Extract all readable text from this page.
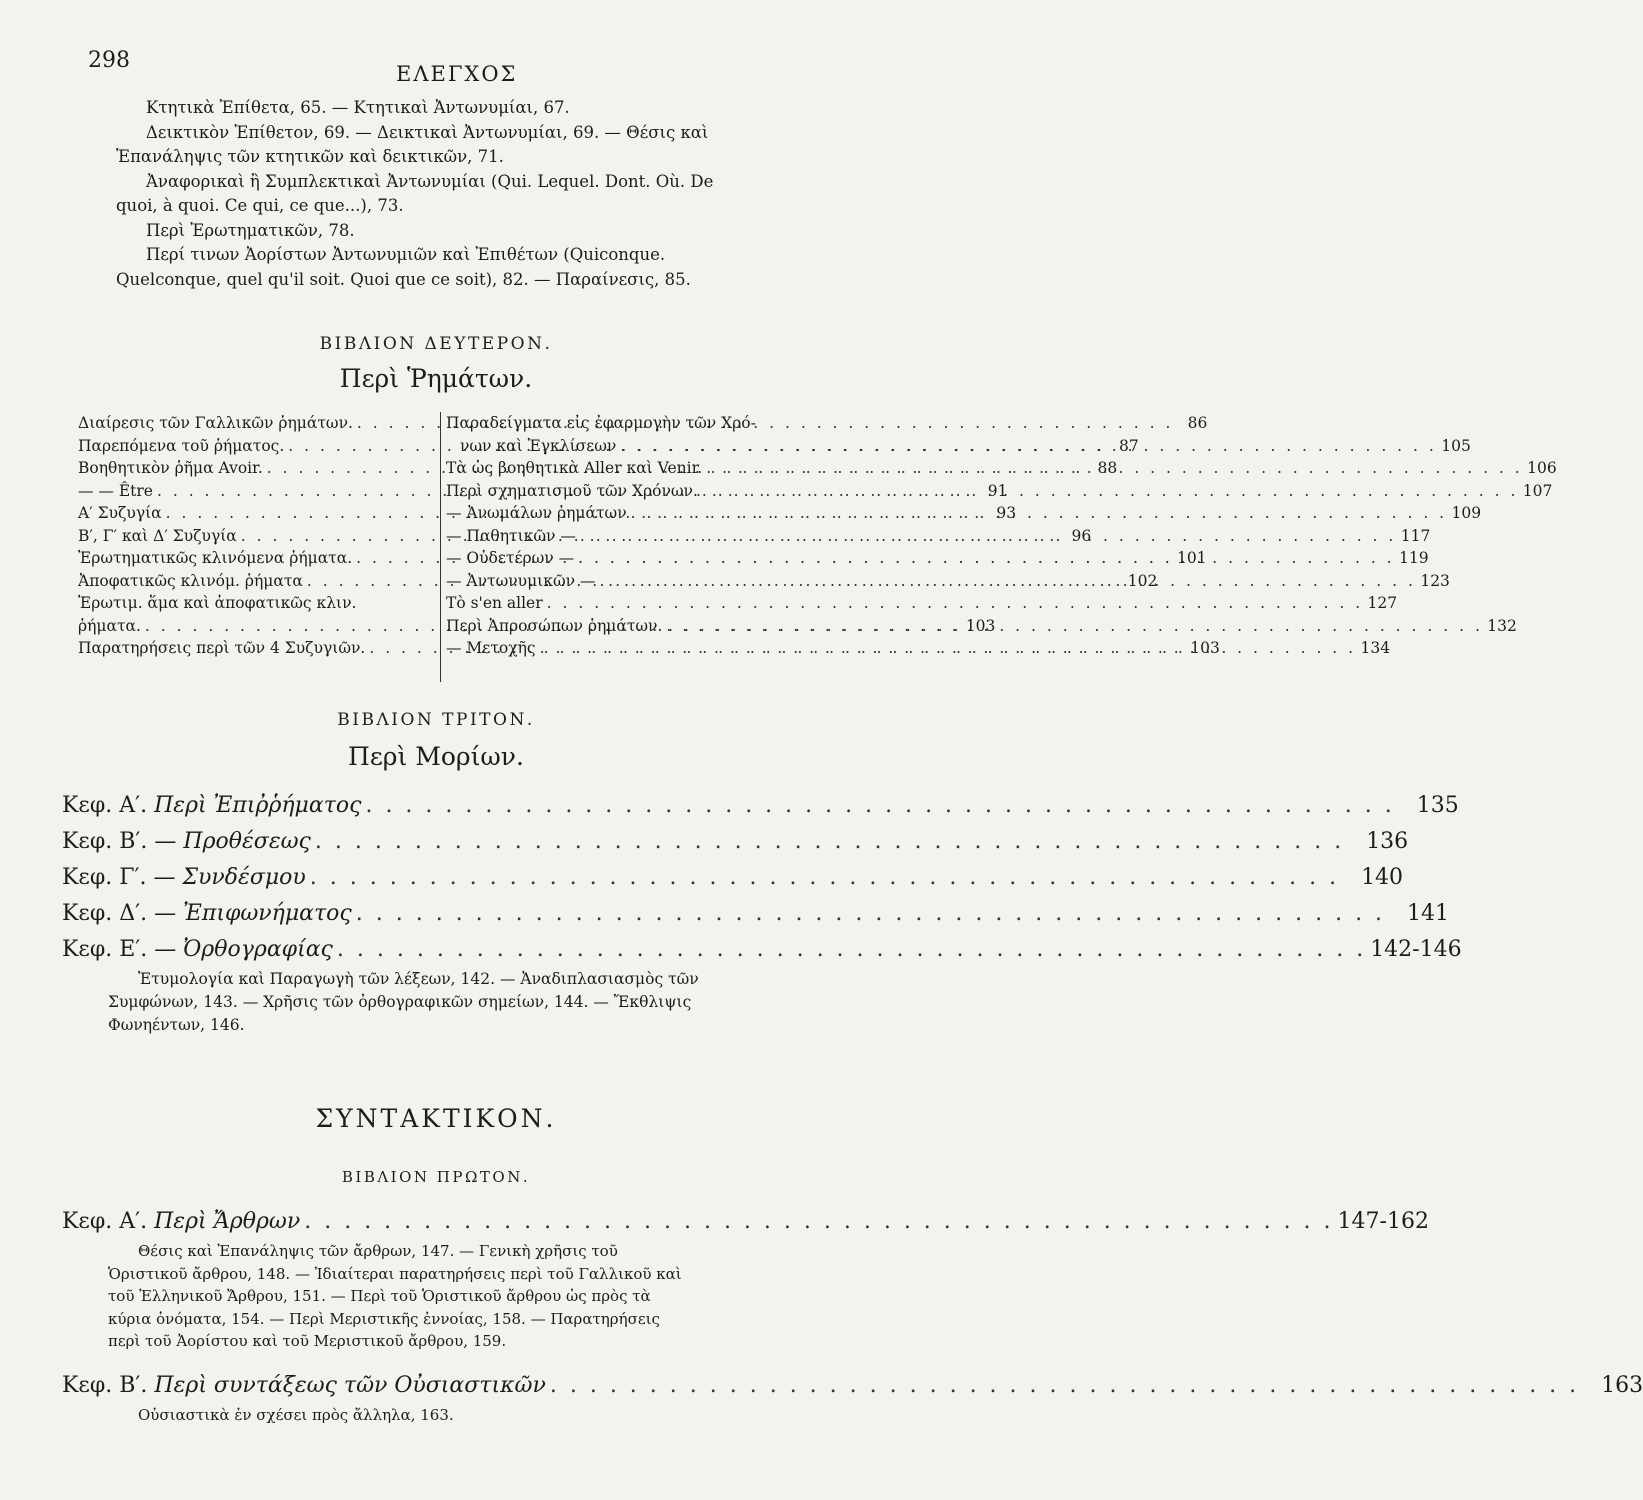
298
ΕΛΕΓΧΟΣ

Κτητικὰ Ἐπίθετα, 65. — Κτητικαὶ Ἀντωνυμίαι, 67.

Δεικτικὸν Ἐπίθετον, 69. — Δεικτικαὶ Ἀντωνυμίαι, 69. — Θέσις καὶ Ἐπανάληψις τῶν κτητικῶν καὶ δεικτικῶν, 71.

Ἀναφορικαὶ ἢ Συμπλεκτικαὶ Ἀντωνυμίαι (Qui. Lequel. Dont. Où. De quoi, à quoi. Ce qui, ce que...), 73.

Περὶ Ἐρωτηματικῶν, 78.

Περί τινων Ἀορίστων Ἀντωνυμιῶν καὶ Ἐπιθέτων (Quiconque. Quelconque, quel qu'il soit. Quoi que ce soit), 82. — Παραίνεσις, 85.

ΒΙΒΛΙΟΝ ΔΕΥΤΕΡΟΝ.
Περὶ Ῥημάτων.
Διαίρεσις τῶν Γαλλικῶν ῥημάτων. . . .	86
Παρεπόμενα τοῦ ῥήματος. . . .	87
Βοηθητικὸν ῥῆμα Avoir. . . .	88
— — Être . . .	91
Α′ Συζυγία . . .	93
Β′, Γ′ καὶ Δ′ Συζυγία . . .	96
Ἐρωτηματικῶς κλινόμενα ῥήματα. . . .	101
Ἀποφατικῶς κλινόμ. ῥήματα . . .	102
Ἐρωτιμ. ἅμα καὶ ἀποφατικῶς κλιν.
ῥήματα. . . .	103
Παρατηρήσεις περὶ τῶν 4 Συζυγιῶν. . . .	103
Παραδείγματα εἰς ἐφαρμογὴν τῶν Χρό-
νων καὶ Ἐγκλίσεων . . .	105
Τὰ ὡς βοηθητικὰ Aller καὶ Venir. . . .	106
Περὶ σχηματισμοῦ τῶν Χρόνων. . . .	107
— Ἀνωμάλων ῥημάτων . . .	109
— Παθητικῶν — . . .	117
— Οὐδετέρων — . . .	119
— Ἀντωνυμικῶν — . . .	123
Τὸ s'en aller . . .	127
Περὶ Ἀπροσώπων ῥημάτων. . . .	132
— Μετοχῆς . . .	134
ΒΙΒΛΙΟΝ ΤΡΙΤΟΝ.
Περὶ Μορίων.
Κεφ. Α′. Περὶ Ἐπιῤῥήματος . . .	135
Κεφ. Β′. — Προθέσεως . . .	136
Κεφ. Γ′. — Συνδέσμου . . .	140
Κεφ. Δ′. — Ἐπιφωνήματος . . .	141
Κεφ. Ε′. — Ὀρθογραφίας . . .	142-146
Ἐτυμολογία καὶ Παραγωγὴ τῶν λέξεων, 142. — Ἀναδιπλασιασμὸς τῶν Συμφώνων, 143. — Χρῆσις τῶν ὀρθογραφικῶν σημείων, 144. — Ἔκθλιψις Φωνηέντων, 146.
ΣΥΝΤΑΚΤΙΚΟΝ.
ΒΙΒΛΙΟΝ ΠΡΩΤΟΝ.
Κεφ. Α′. Περὶ Ἄρθρων . . .	147-162
Θέσις καὶ Ἐπανάληψις τῶν ἄρθρων, 147. — Γενικὴ χρῆσις τοῦ Ὁριστικοῦ ἄρθρου, 148. — Ἰδιαίτεραι παρατηρήσεις περὶ τοῦ Γαλλικοῦ καὶ τοῦ Ἑλληνικοῦ Ἄρθρου, 151. — Περὶ τοῦ Ὁριστικοῦ ἄρθρου ὡς πρὸς τὰ κύρια ὀνόματα, 154. — Περὶ Μεριστικῆς ἐννοίας, 158. — Παρατηρήσεις περὶ τοῦ Ἀορίστου καὶ τοῦ Μεριστικοῦ ἄρθρου, 159.
Κεφ. Β′. Περὶ συντάξεως τῶν Οὐσιαστικῶν . . .	163
Οὐσιαστικὰ ἐν σχέσει πρὸς ἄλληλα, 163.
